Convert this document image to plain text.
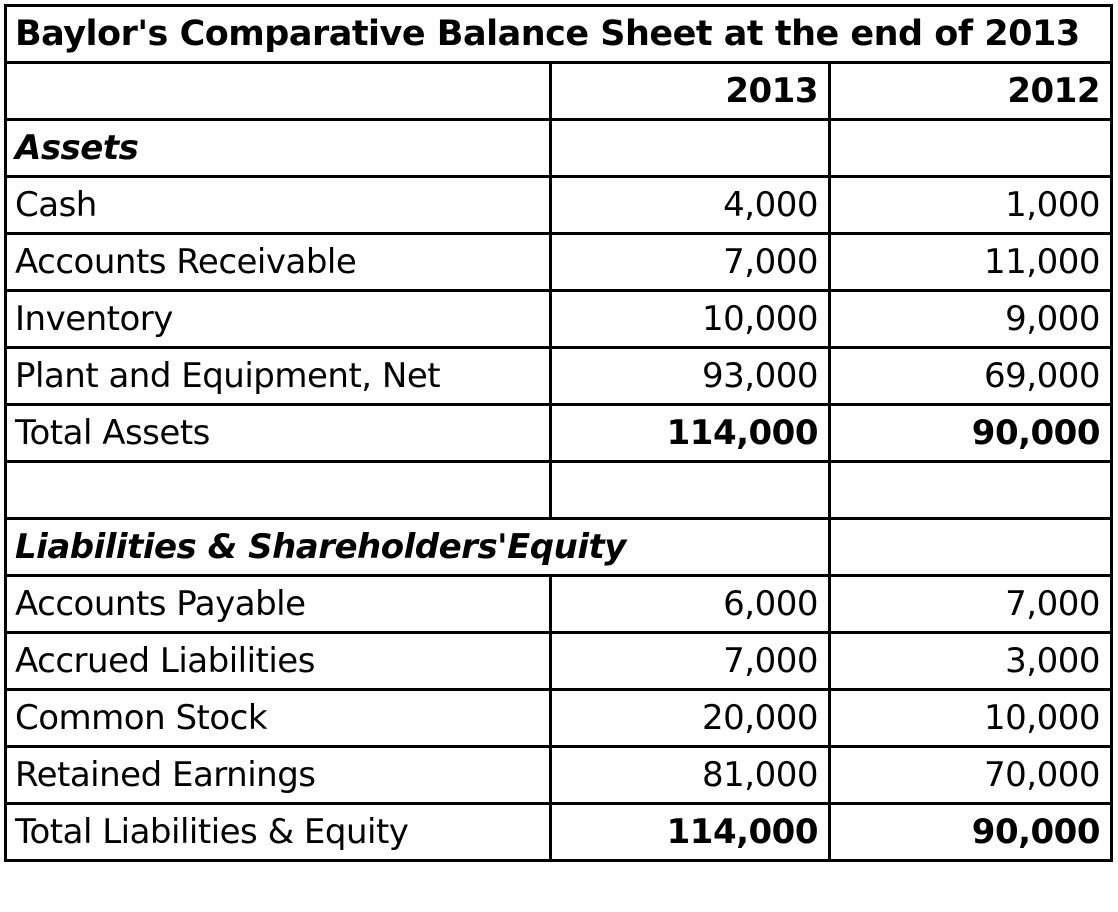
Baylor's Comparative Balance Sheet at the end of 2013		
	2013	2012
Assets		
Cash	4,000	1,000
Accounts Receivable	7,000	11,000
Inventory	10,000	9,000
Plant and Equipment, Net	93,000	69,000
Total Assets	114,000	90,000

Liabilities & Shareholders'Equity		
Accounts Payable	6,000	7,000
Accrued Liabilities	7,000	3,000
Common Stock	20,000	10,000
Retained Earnings	81,000	70,000
Total Liabilities & Equity	114,000	90,000
